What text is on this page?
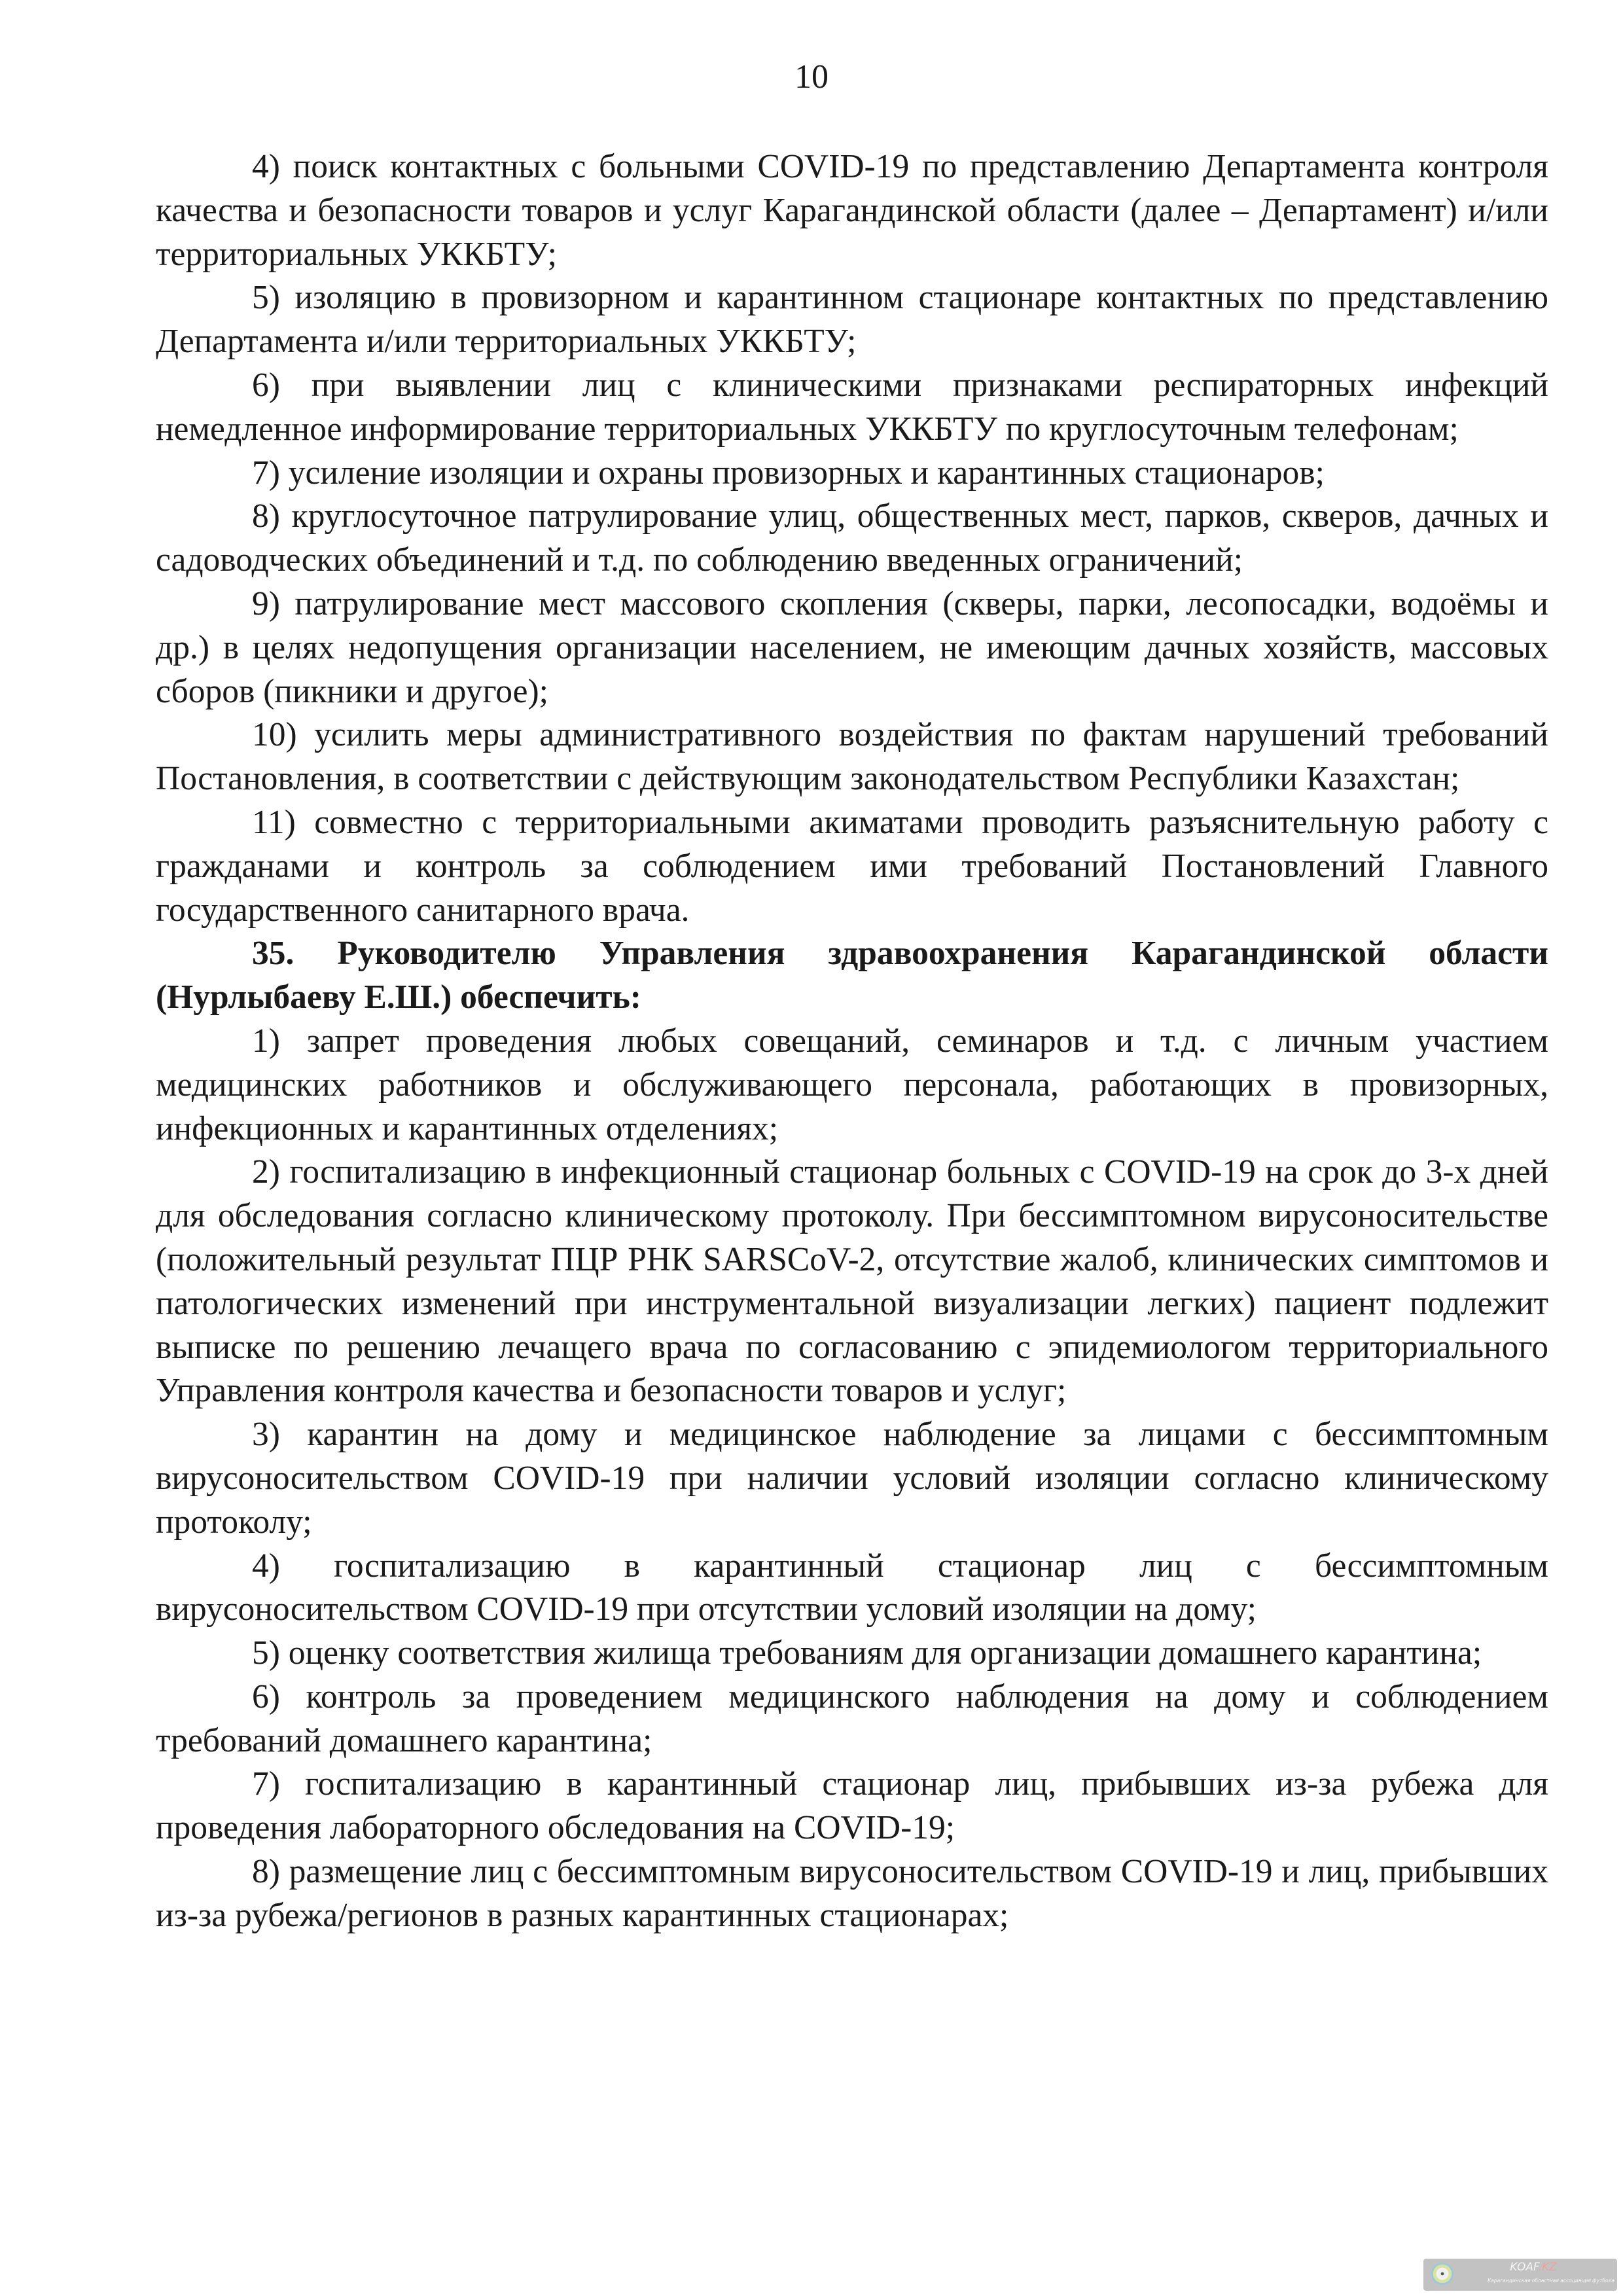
10

4) поиск контактных с больными COVID-19 по представлению Департамента контроля качества и безопасности товаров и услуг Карагандинской области (далее – Департамент) и/или территориальных УККБТУ;

5) изоляцию в провизорном и карантинном стационаре контактных по представлению Департамента и/или территориальных УККБТУ;

6) при выявлении лиц с клиническими признаками респираторных инфекций немедленное информирование территориальных УККБТУ по круглосуточным телефонам;

7) усиление изоляции и охраны провизорных и карантинных стационаров;

8) круглосуточное патрулирование улиц, общественных мест, парков, скверов, дачных и садоводческих объединений и т.д. по соблюдению введенных ограничений;

9) патрулирование мест массового скопления (скверы, парки, лесопосадки, водоёмы и др.) в целях недопущения организации населением, не имеющим дачных хозяйств, массовых сборов (пикники и другое);

10) усилить меры административного воздействия по фактам нарушений требований Постановления, в соответствии с действующим законодательством Республики Казахстан;

11) совместно с территориальными акиматами проводить разъяснительную работу с гражданами и контроль за соблюдением ими требований Постановлений Главного государственного санитарного врача.

35. Руководителю Управления здравоохранения Карагандинской области (Нурлыбаеву Е.Ш.) обеспечить:

1) запрет проведения любых совещаний, семинаров и т.д. с личным участием медицинских работников и обслуживающего персонала, работающих в провизорных, инфекционных и карантинных отделениях;

2) госпитализацию в инфекционный стационар больных с COVID-19 на срок до 3-х дней для обследования согласно клиническому протоколу. При бессимптомном вирусоносительстве (положительный результат ПЦР РНК SARSCoV-2, отсутствие жалоб, клинических симптомов и патологических изменений при инструментальной визуализации легких) пациент подлежит выписке по решению лечащего врача по согласованию с эпидемиологом территориального Управления контроля качества и безопасности товаров и услуг;

3) карантин на дому и медицинское наблюдение за лицами с бессимптомным вирусоносительством COVID-19 при наличии условий изоляции согласно клиническому протоколу;

4) госпитализацию в карантинный стационар лиц с бессимптомным вирусоносительством COVID-19 при отсутствии условий изоляции на дому;

5) оценку соответствия жилища требованиям для организации домашнего карантина;

6) контроль за проведением медицинского наблюдения на дому и соблюдением требований домашнего карантина;

7) госпитализацию в карантинный стационар лиц, прибывших из-за рубежа для проведения лабораторного обследования на COVID-19;

8) размещение лиц с бессимптомным вирусоносительством COVID-19 и лиц, прибывших из-за рубежа/регионов в разных карантинных стационарах;

KOAF.KZ
Карагандинская областная ассоциация футбола
